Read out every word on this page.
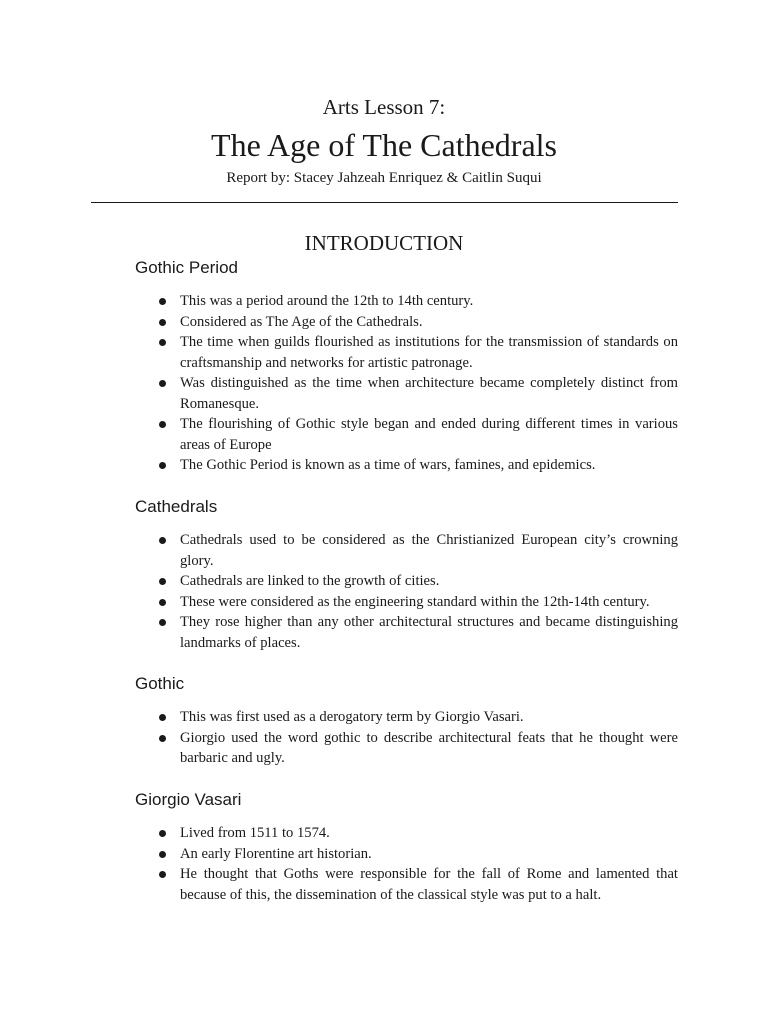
Arts Lesson 7:
The Age of The Cathedrals
Report by: Stacey Jahzeah Enriquez & Caitlin Suqui
INTRODUCTION
Gothic Period
This was a period around the 12th to 14th century.
Considered as The Age of the Cathedrals.
The time when guilds flourished as institutions for the transmission of standards on craftsmanship and networks for artistic patronage.
Was distinguished as the time when architecture became completely distinct from Romanesque.
The flourishing of Gothic style began and ended during different times in various areas of Europe
The Gothic Period is known as a time of wars, famines, and epidemics.
Cathedrals
Cathedrals used to be considered as the Christianized European city’s crowning glory.
Cathedrals are linked to the growth of cities.
These were considered as the engineering standard within the 12th-14th century.
They rose higher than any other architectural structures and became distinguishing landmarks of places.
Gothic
This was first used as a derogatory term by Giorgio Vasari.
Giorgio used the word gothic to describe architectural feats that he thought were barbaric and ugly.
Giorgio Vasari
Lived from 1511 to 1574.
An early Florentine art historian.
He thought that Goths were responsible for the fall of Rome and lamented that because of this, the dissemination of the classical style was put to a halt.
